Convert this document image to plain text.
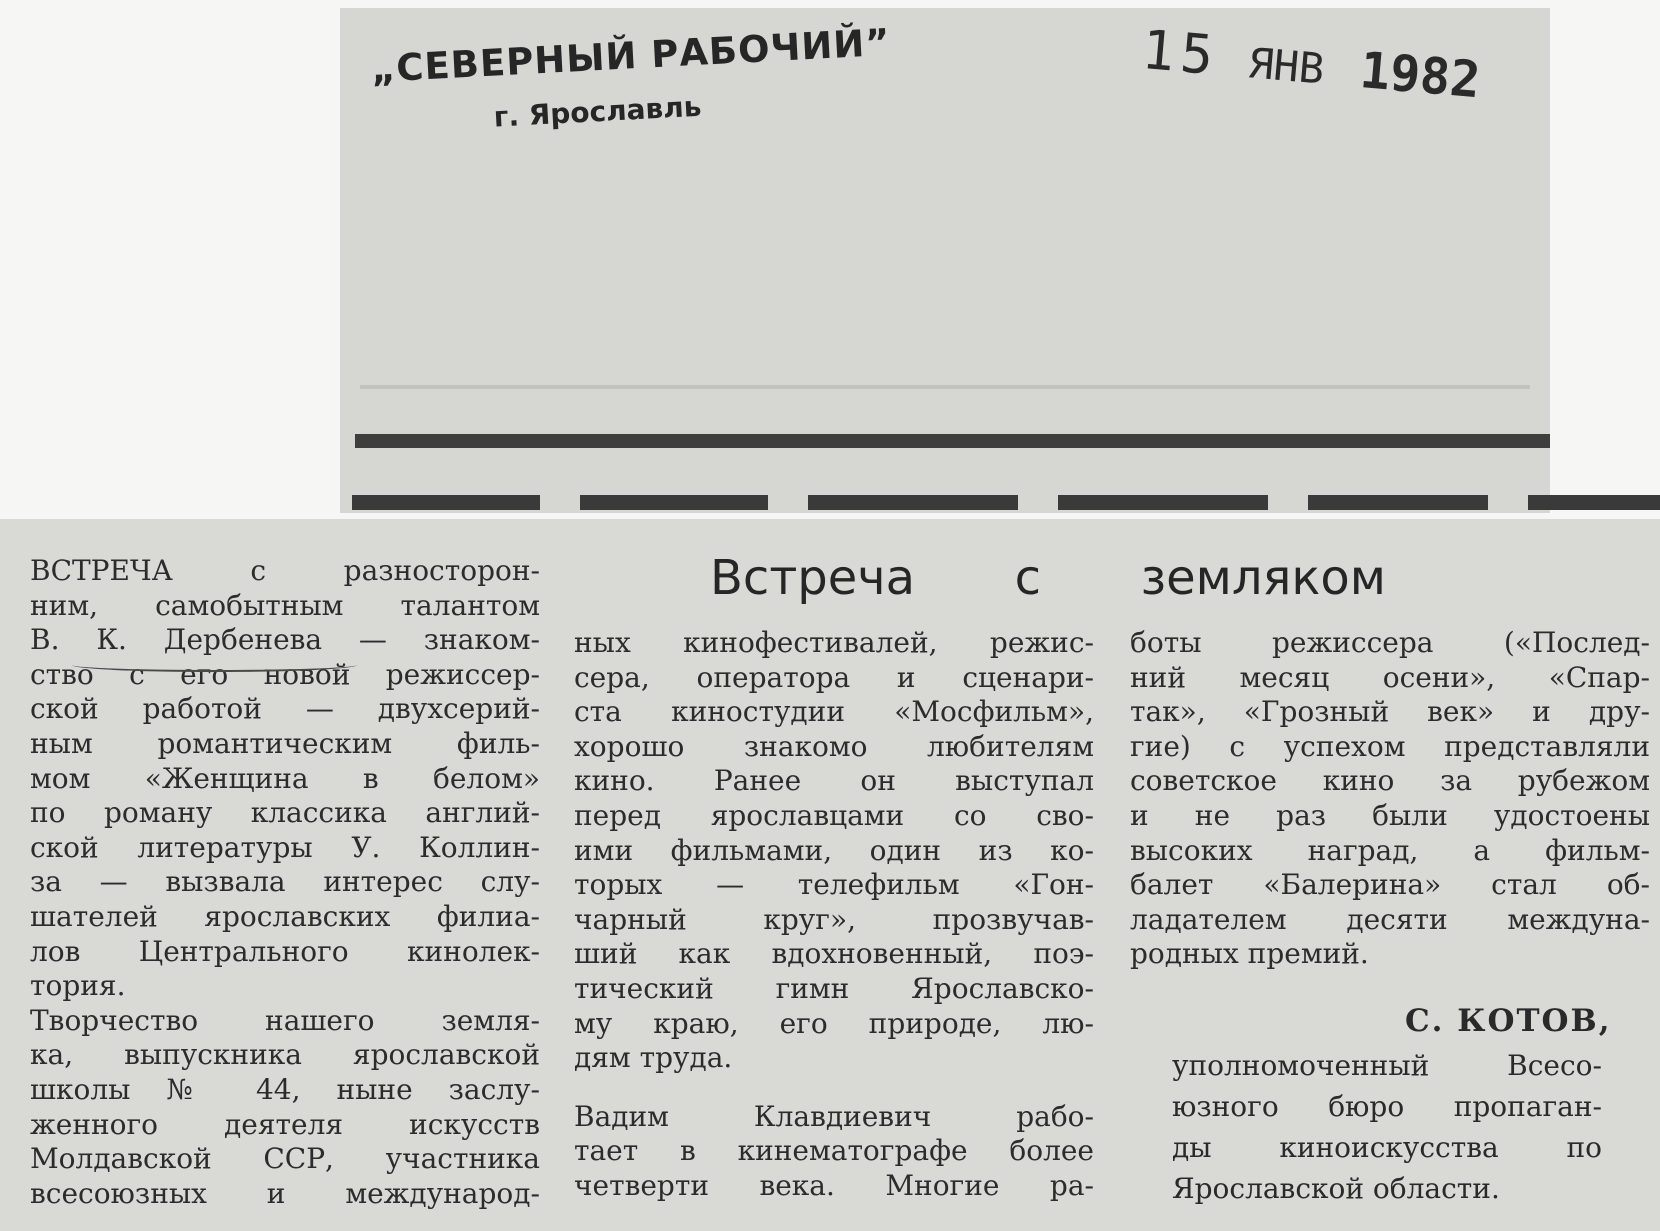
„СЕВЕРНЫЙ РАБОЧИЙ”
г. Ярославль
15 ЯНВ 1982
Встреча с земляком
ВСТРЕЧА с разносторон-
ним, самобытным талантом
В. К. Дербенева — знаком-
ство с его новой режиссер-
ской работой — двухсерий-
ным романтическим филь-
мом «Женщина в белом»
по роману классика англий-
ской литературы У. Коллин-
за — вызвала интерес слу-
шателей ярославских филиа-
лов Центрального кинолек-
тория.
Творчество нашего земля-
ка, выпускника ярославской
школы № 44, ныне заслу-
женного деятеля искусств
Молдавской ССР, участника
всесоюзных и международ-
ных кинофестивалей, режис-
сера, оператора и сценари-
ста киностудии «Мосфильм»,
хорошо знакомо любителям
кино. Ранее он выступал
перед ярославцами со сво-
ими фильмами, один из ко-
торых — телефильм «Гон-
чарный круг», прозвучав-
ший как вдохновенный, поэ-
тический гимн Ярославско-
му краю, его природе, лю-
дям труда.
Вадим Клавдиевич рабо-
тает в кинематографе более
четверти века. Многие ра-
боты режиссера («Послед-
ний месяц осени», «Спар-
так», «Грозный век» и дру-
гие) с успехом представляли
советское кино за рубежом
и не раз были удостоены
высоких наград, а фильм-
балет «Балерина» стал об-
ладателем десяти междуна-
родных премий.
С. КОТОВ,
уполномоченный Всесо-
юзного бюро пропаган-
ды киноискусства по
Ярославской области.
